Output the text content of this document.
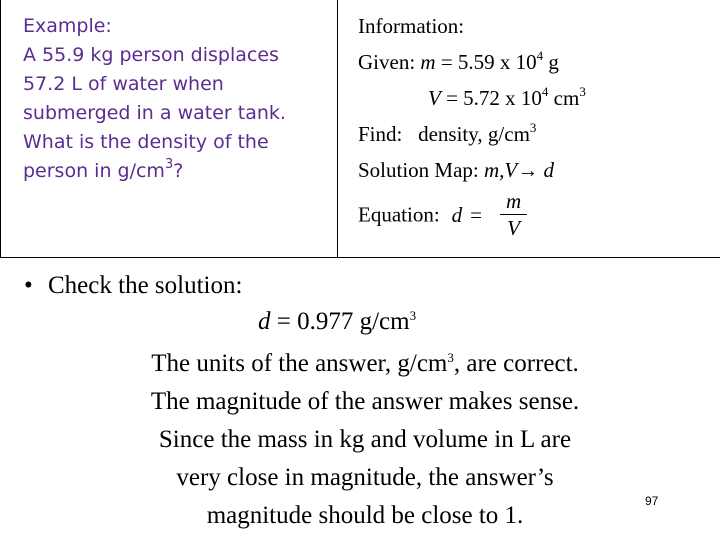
Example:
A 55.9 kg person displaces
57.2 L of water when
submerged in a water tank.
What is the density of the
person in $g/cm^3$?
Information:
Given: m = 5.59 x $10^4$ g
V = 5.72 x $10^4$ $cm^3$
Find:   density, $g/cm^3$
Solution Map: m,V→ d
Equation: $d = \frac{m}{V}$
• Check the solution:
d = 0.977 $g/cm^3$
The units of the answer, $g/cm^3$, are correct.
The magnitude of the answer makes sense.
Since the mass in kg and volume in L are
very close in magnitude, the answer’s
magnitude should be close to 1.
97
